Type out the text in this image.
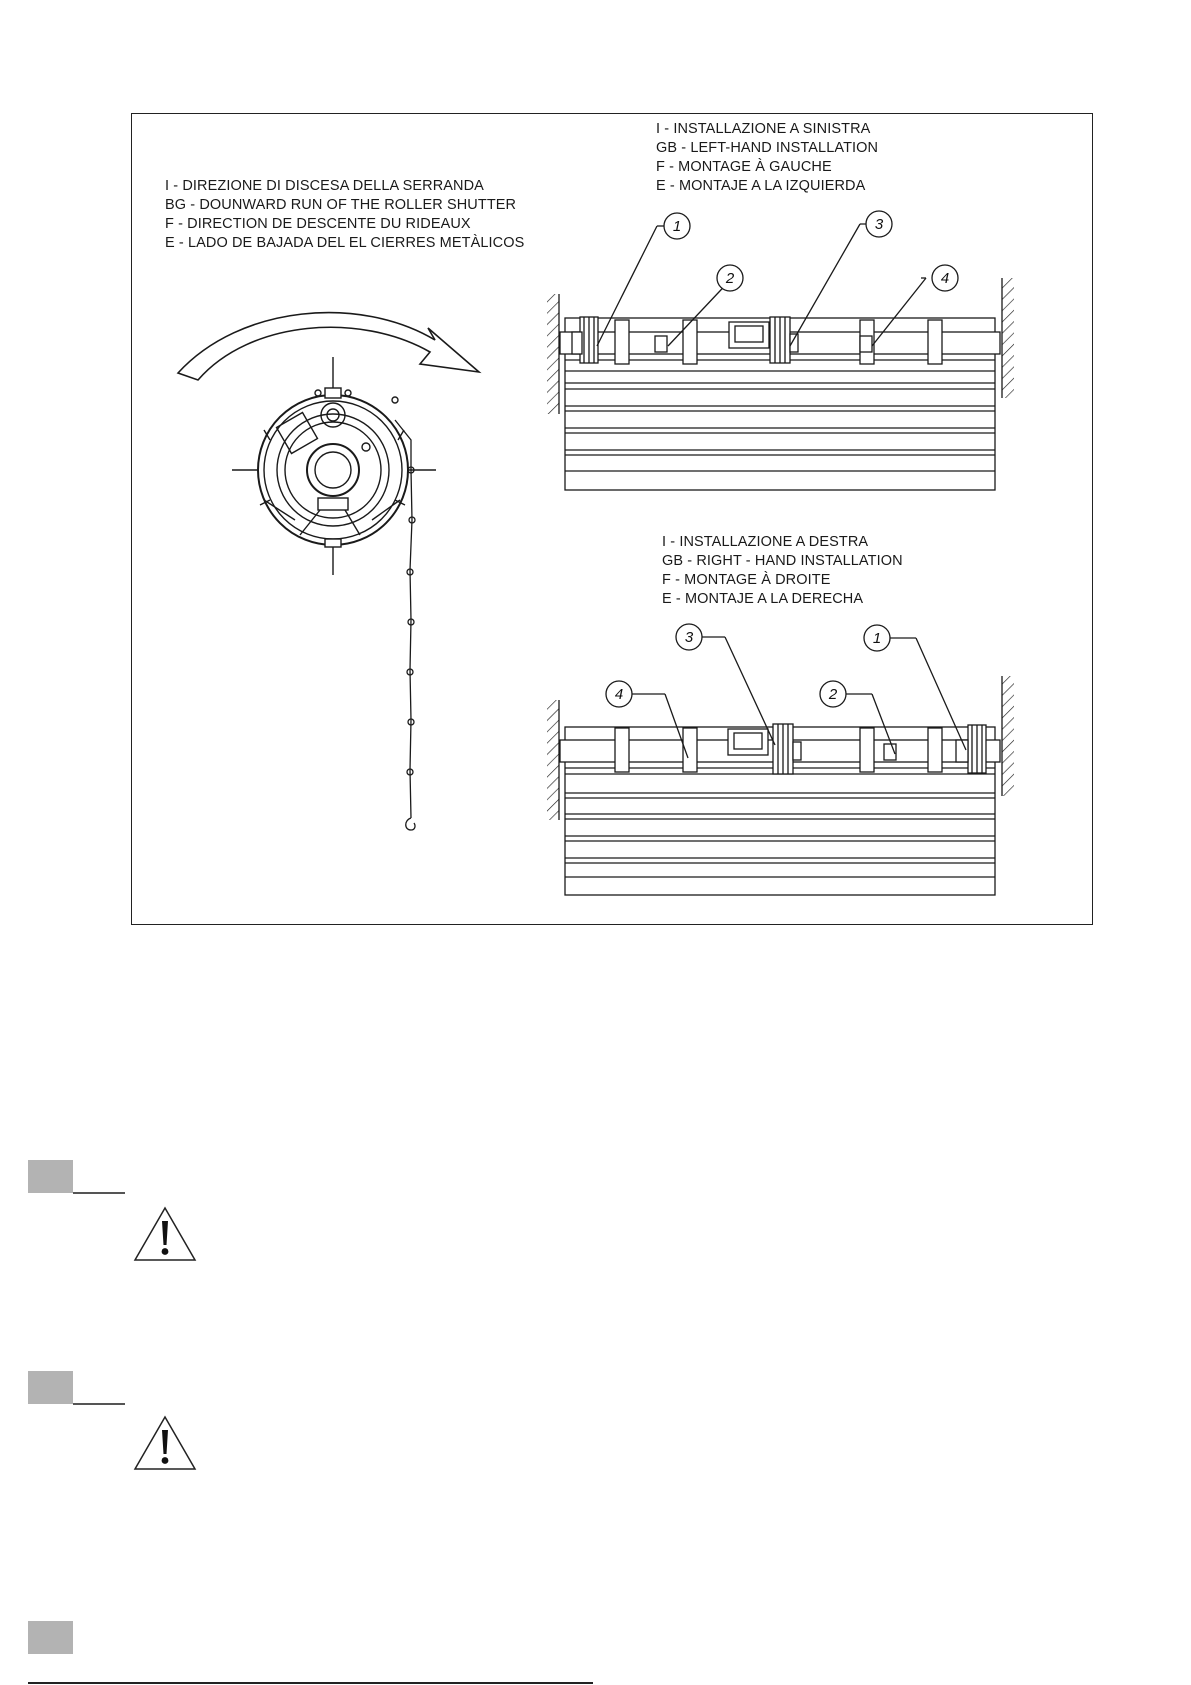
I - DIREZIONE DI DISCESA DELLA SERRANDA
BG - DOUNWARD RUN OF THE ROLLER SHUTTER
F - DIRECTION DE DESCENTE DU RIDEAUX
E - LADO DE BAJADA DEL EL CIERRES METÀLICOS
I - INSTALLAZIONE A SINISTRA
GB - LEFT-HAND INSTALLATION
F - MONTAGE À GAUCHE
E - MONTAJE A LA IZQUIERDA
I - INSTALLAZIONE A DESTRA
GB - RIGHT - HAND INSTALLATION
F - MONTAGE À DROITE
E - MONTAJE A LA DERECHA
1
2
3
4
3
4	2
1
